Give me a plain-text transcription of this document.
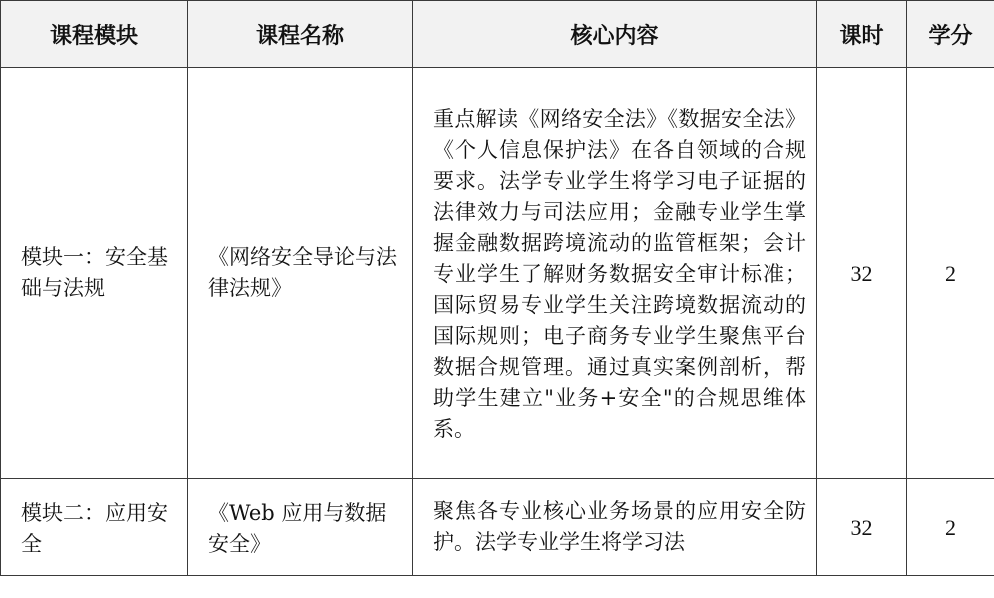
课程模块	课程名称	核心内容	课时	学分
模块一：安全基础与法规	《网络安全导论与法律法规》	重点解读《网络安全法》《数据安全法》《个人信息保护法》在各自领域的合规要求。法学专业学生将学习电子证据的法律效力与司法应用；金融专业学生掌握金融数据跨境流动的监管框架；会计专业学生了解财务数据安全审计标准；国际贸易专业学生关注跨境数据流动的国际规则；电子商务专业学生聚焦平台数据合规管理。通过真实案例剖析，帮助学生建立"业务+安全"的合规思维体系。	32	2
模块二：应用安全	《Web 应用与数据安全》	聚焦各专业核心业务场景的应用安全防护。法学专业学生将学习法	32	2
